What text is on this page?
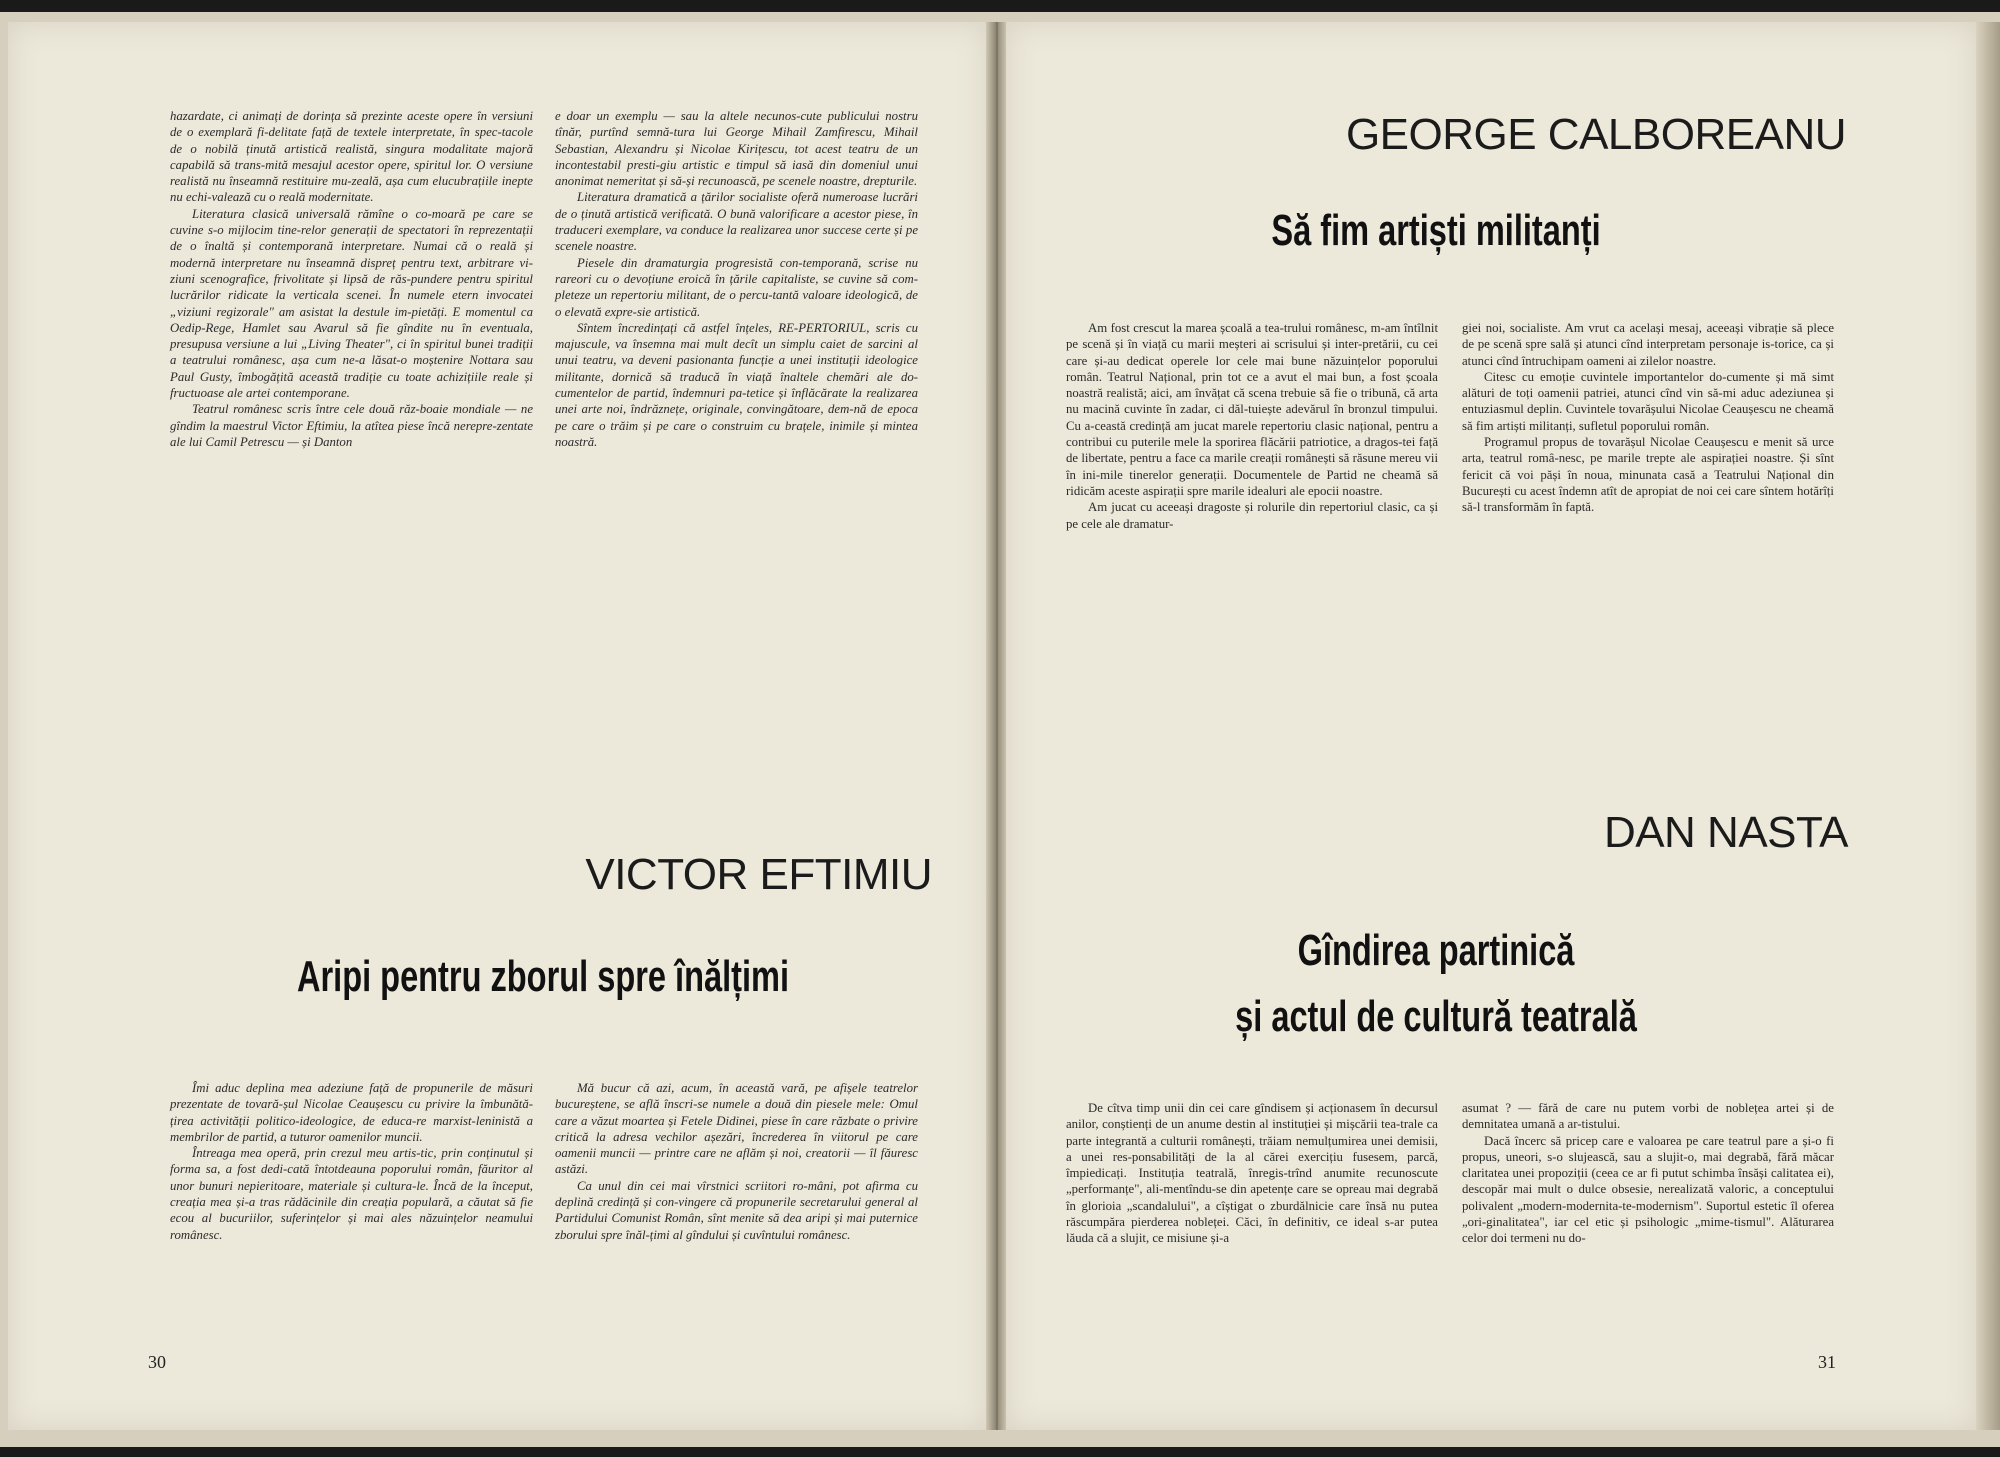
hazardate, ci animați de dorința să prezinte aceste opere în versiuni de o exemplară fi-delitate față de textele interpretate, în spec-tacole de o nobilă ținută artistică realistă, singura modalitate majoră capabilă să trans-mită mesajul acestor opere, spiritul lor. O versiune realistă nu înseamnă restituire mu-zeală, așa cum elucubrațiile inepte nu echi-valează cu o reală modernitate.

Literatura clasică universală rămîne o co-moară pe care se cuvine s-o mijlocim tine-relor generații de spectatori în reprezentații de o înaltă și contemporană interpretare. Numai că o reală și modernă interpretare nu înseamnă dispreț pentru text, arbitrare vi-ziuni scenografice, frivolitate și lipsă de răs-pundere pentru spiritul lucrărilor ridicate la verticala scenei. În numele etern invocatei „viziuni regizorale" am asistat la destule im-pietăți. E momentul ca Oedip-Rege, Hamlet sau Avarul să fie gîndite nu în eventuala, presupusa versiune a lui „Living Theater", ci în spiritul bunei tradiții a teatrului românesc, așa cum ne-a lăsat-o moștenire Nottara sau Paul Gusty, îmbogățită această tradiție cu toate achizițiile reale și fructuoase ale artei contemporane.

Teatrul românesc scris între cele două răz-boaie mondiale — ne gîndim la maestrul Victor Eftimiu, la atîtea piese încă nerepre-zentate ale lui Camil Petrescu — și Danton

e doar un exemplu — sau la altele necunos-cute publicului nostru tînăr, purtînd semnă-tura lui George Mihail Zamfirescu, Mihail Sebastian, Alexandru și Nicolae Kirițescu, tot acest teatru de un incontestabil presti-giu artistic e timpul să iasă din domeniul unui anonimat nemeritat și să-și recunoască, pe scenele noastre, drepturile.

Literatura dramatică a țărilor socialiste oferă numeroase lucrări de o ținută artistică verificată. O bună valorificare a acestor piese, în traduceri exemplare, va conduce la realizarea unor succese certe și pe scenele noastre.

Piesele din dramaturgia progresistă con-temporană, scrise nu rareori cu o devoțiune eroică în țările capitaliste, se cuvine să com-pleteze un repertoriu militant, de o percu-tantă valoare ideologică, de o elevată expre-sie artistică.

Sîntem încredințați că astfel înțeles, RE-PERTORIUL, scris cu majuscule, va însemna mai mult decît un simplu caiet de sarcini al unui teatru, va deveni pasionanta funcție a unei instituții ideologice militante, dornică să traducă în viață înaltele chemări ale do-cumentelor de partid, îndemnuri pa-tetice și înflăcărate la realizarea unei arte noi, îndrăznețe, originale, convingătoare, dem-nă de epoca pe care o trăim și pe care o construim cu brațele, inimile și mintea noastră.

VICTOR EFTIMIU
Aripi pentru zborul spre înălțimi

Îmi aduc deplina mea adeziune față de propunerile de măsuri prezentate de tovară-șul Nicolae Ceaușescu cu privire la îmbunătă-țirea activității politico-ideologice, de educa-re marxist-leninistă a membrilor de partid, a tuturor oamenilor muncii.

Întreaga mea operă, prin crezul meu artis-tic, prin conținutul și forma sa, a fost dedi-cată întotdeauna poporului român, făuritor al unor bunuri nepieritoare, materiale și cultura-le. Încă de la început, creația mea și-a tras rădăcinile din creația populară, a căutat să fie ecou al bucuriilor, suferințelor și mai ales năzuințelor neamului românesc.

Mă bucur că azi, acum, în această vară, pe afișele teatrelor bucureștene, se află înscri-se numele a două din piesele mele: Omul care a văzut moartea și Fetele Didinei, piese în care răzbate o privire critică la adresa vechilor așezări, încrederea în viitorul pe care oamenii muncii — printre care ne aflăm și noi, creatorii — îl făuresc astăzi.

Ca unul din cei mai vîrstnici scriitori ro-mâni, pot afirma cu deplină credință și con-vingere că propunerile secretarului general al Partidului Comunist Român, sînt menite să dea aripi și mai puternice zborului spre înăl-țimi al gîndului și cuvîntului românesc.

30

GEORGE CALBOREANU
Să fim artiști militanți

Am fost crescut la marea școală a tea-trului românesc, m-am întîlnit pe scenă și în viață cu marii meșteri ai scrisului și inter-pretării, cu cei care și-au dedicat operele lor cele mai bune năzuințelor poporului român. Teatrul Național, prin tot ce a avut el mai bun, a fost școala noastră realistă; aici, am învățat că scena trebuie să fie o tribună, că arta nu macină cuvinte în zadar, ci dăl-tuiește adevărul în bronzul timpului. Cu a-ceastă credință am jucat marele repertoriu clasic național, pentru a contribui cu puterile mele la sporirea flăcării patriotice, a dragos-tei față de libertate, pentru a face ca marile creații românești să răsune mereu vii în ini-mile tinerelor generații. Documentele de Partid ne cheamă să ridicăm aceste aspirații spre marile idealuri ale epocii noastre.

Am jucat cu aceeași dragoste și rolurile din repertoriul clasic, ca și pe cele ale dramatur-

giei noi, socialiste. Am vrut ca același mesaj, aceeași vibrație să plece de pe scenă spre sală și atunci cînd interpretam personaje is-torice, ca și atunci cînd întruchipam oameni ai zilelor noastre.

Citesc cu emoție cuvintele importantelor do-cumente și mă simt alături de toți oamenii patriei, atunci cînd vin să-mi aduc adeziunea și entuziasmul deplin. Cuvintele tovarășului Nicolae Ceaușescu ne cheamă să fim artiști militanți, sufletul poporului român.

Programul propus de tovarășul Nicolae Ceaușescu e menit să urce arta, teatrul româ-nesc, pe marile trepte ale aspirației noastre. Și sînt fericit că voi păși în noua, minunata casă a Teatrului Național din București cu acest îndemn atît de apropiat de noi cei care sîntem hotărîți să-l transformăm în faptă.

DAN NASTA
Gîndirea partinică
și actul de cultură teatrală

De cîtva timp unii din cei care gîndisem și acționasem în decursul anilor, conștienți de un anume destin al instituției și mișcării tea-trale ca parte integrantă a culturii românești, trăiam nemulțumirea unei demisii, a unei res-ponsabilități de la al cărei exercițiu fusesem, parcă, împiedicați. Instituția teatrală, înregis-trînd anumite recunoscute „performanțe", ali-mentîndu-se din apetențe care se opreau mai degrabă în glorioia „scandalului", a cîștigat o zburdălnicie care însă nu putea răscumpăra pierderea nobleței. Căci, în definitiv, ce ideal s-ar putea lăuda că a slujit, ce misiune și-a

asumat ? — fără de care nu putem vorbi de noblețea artei și de demnitatea umană a ar-tistului.

Dacă încerc să pricep care e valoarea pe care teatrul pare a și-o fi propus, uneori, s-o slujească, sau a slujit-o, mai degrabă, fără măcar claritatea unei propoziții (ceea ce ar fi putut schimba însăși calitatea ei), descopăr mai mult o dulce obsesie, nerealizată valoric, a conceptului polivalent „modern-modernita-te-modernism". Suportul estetic îl oferea „ori-ginalitatea", iar cel etic și psihologic „mime-tismul". Alăturarea celor doi termeni nu do-

31
